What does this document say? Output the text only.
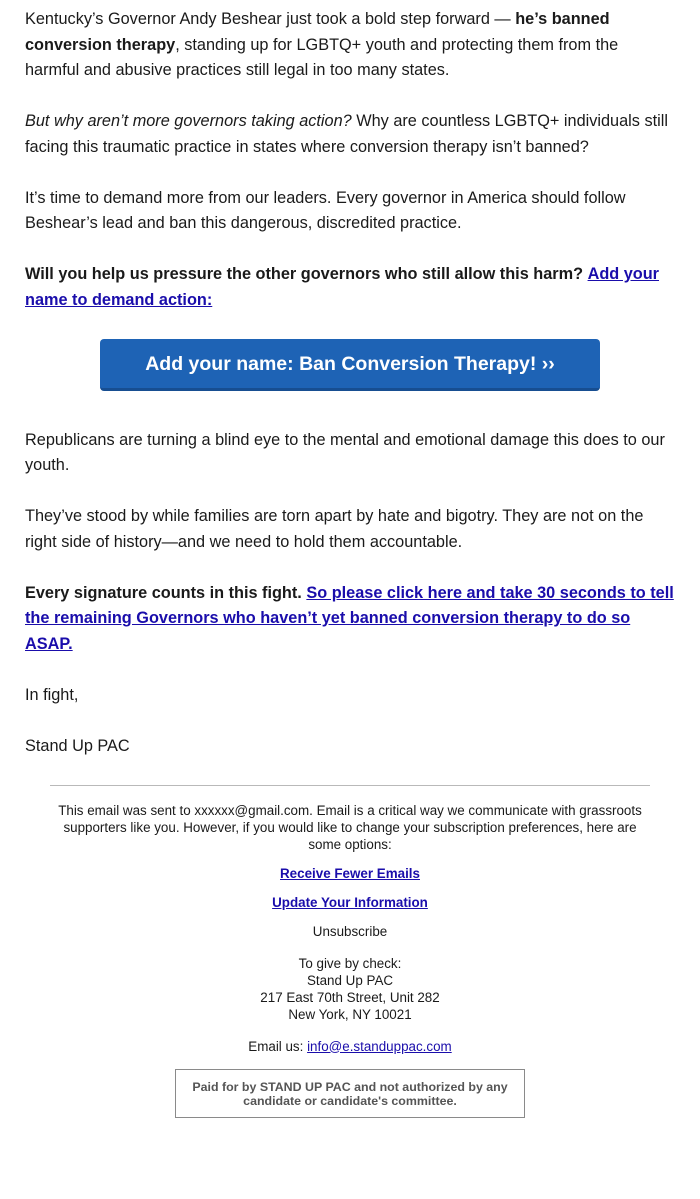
Kentucky’s Governor Andy Beshear just took a bold step forward — he’s banned conversion therapy, standing up for LGBTQ+ youth and protecting them from the harmful and abusive practices still legal in too many states.

But why aren’t more governors taking action? Why are countless LGBTQ+ individuals still facing this traumatic practice in states where conversion therapy isn’t banned?

It’s time to demand more from our leaders. Every governor in America should follow Beshear’s lead and ban this dangerous, discredited practice.

Will you help us pressure the other governors who still allow this harm? Add your name to demand action:

Add your name: Ban Conversion Therapy! ››

Republicans are turning a blind eye to the mental and emotional damage this does to our youth.

They’ve stood by while families are torn apart by hate and bigotry. They are not on the right side of history—and we need to hold them accountable.

Every signature counts in this fight. So please click here and take 30 seconds to tell the remaining Governors who haven’t yet banned conversion therapy to do so ASAP.

In fight,

Stand Up PAC

This email was sent to xxxxxx@gmail.com. Email is a critical way we communicate with grassroots supporters like you. However, if you would like to change your subscription preferences, here are some options:

Receive Fewer Emails

Update Your Information

Unsubscribe

To give by check:
Stand Up PAC
217 East 70th Street, Unit 282
New York, NY 10021

Email us: info@e.standuppac.com

Paid for by STAND UP PAC and not authorized by any candidate or candidate's committee.
